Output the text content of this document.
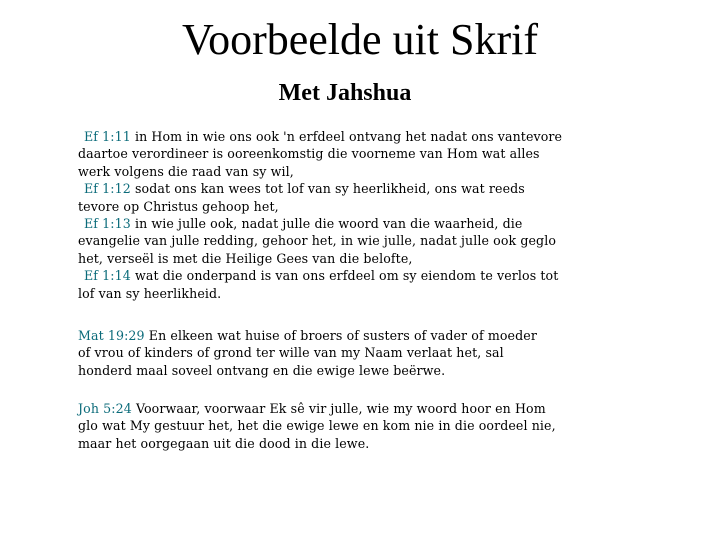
Voorbeelde uit Skrif
Met Jahshua
Ef 1:11 in Hom in wie ons ook 'n erfdeel ontvang het nadat ons vantevore
daartoe verordineer is ooreenkomstig die voorneme van Hom wat alles
werk volgens die raad van sy wil,
Ef 1:12 sodat ons kan wees tot lof van sy heerlikheid, ons wat reeds
tevore op Christus gehoop het,
Ef 1:13 in wie julle ook, nadat julle die woord van die waarheid, die
evangelie van julle redding, gehoor het, in wie julle, nadat julle ook geglo
het, verseël is met die Heilige Gees van die belofte,
Ef 1:14 wat die onderpand is van ons erfdeel om sy eiendom te verlos tot
lof van sy heerlikheid.
Mat 19:29 En elkeen wat huise of broers of susters of vader of moeder
of vrou of kinders of grond ter wille van my Naam verlaat het, sal
honderd maal soveel ontvang en die ewige lewe beërwe.
Joh 5:24 Voorwaar, voorwaar Ek sê vir julle, wie my woord hoor en Hom
glo wat My gestuur het, het die ewige lewe en kom nie in die oordeel nie,
maar het oorgegaan uit die dood in die lewe.
